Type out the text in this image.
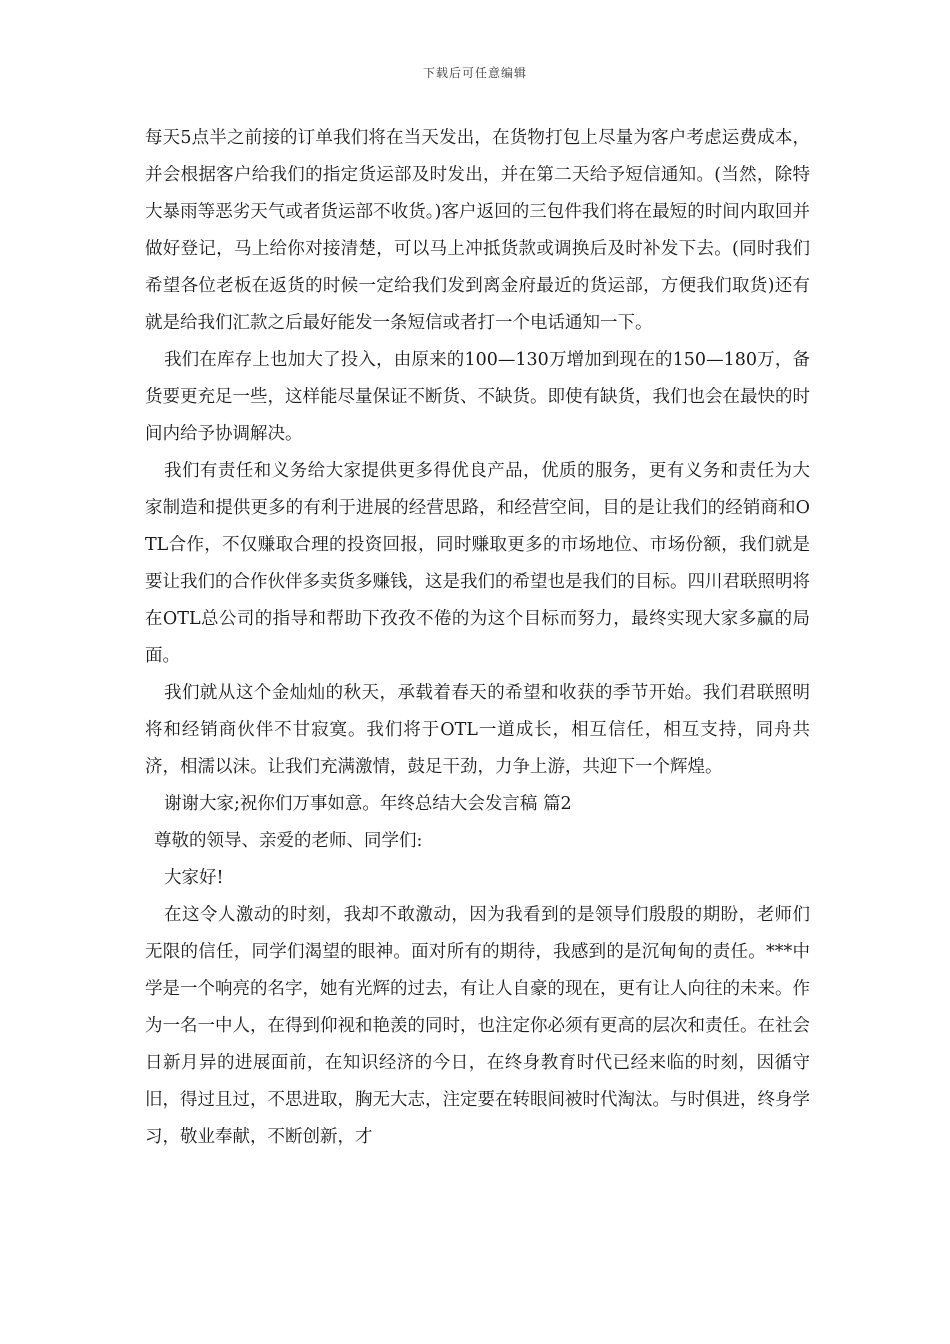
下载后可任意编辑

每天5点半之前接的订单我们将在当天发出，在货物打包上尽量为客户考虑运费成本，并会根据客户给我们的指定货运部及时发出，并在第二天给予短信通知。(当然，除特大暴雨等恶劣天气或者货运部不收货。)客户返回的三包件我们将在最短的时间内取回并做好登记，马上给你对接清楚，可以马上冲抵货款或调换后及时补发下去。(同时我们希望各位老板在返货的时候一定给我们发到离金府最近的货运部，方便我们取货)还有就是给我们汇款之后最好能发一条短信或者打一个电话通知一下。

我们在库存上也加大了投入，由原来的100—130万增加到现在的150—180万，备货要更充足一些，这样能尽量保证不断货、不缺货。即使有缺货，我们也会在最快的时间内给予协调解决。

我们有责任和义务给大家提供更多得优良产品，优质的服务，更有义务和责任为大家制造和提供更多的有利于进展的经营思路，和经营空间，目的是让我们的经销商和OTL合作，不仅赚取合理的投资回报，同时赚取更多的市场地位、市场份额，我们就是要让我们的合作伙伴多卖货多赚钱，这是我们的希望也是我们的目标。四川君联照明将在OTL总公司的指导和帮助下孜孜不倦的为这个目标而努力，最终实现大家多赢的局面。

我们就从这个金灿灿的秋天，承载着春天的希望和收获的季节开始。我们君联照明将和经销商伙伴不甘寂寞。我们将于OTL一道成长，相互信任，相互支持，同舟共济，相濡以沫。让我们充满激情，鼓足干劲，力争上游，共迎下一个辉煌。

谢谢大家;祝你们万事如意。年终总结大会发言稿 篇2

尊敬的领导、亲爱的老师、同学们:

大家好!

在这令人激动的时刻，我却不敢激动，因为我看到的是领导们殷殷的期盼，老师们无限的信任，同学们渴望的眼神。面对所有的期待，我感到的是沉甸甸的责任。***中学是一个响亮的名字，她有光辉的过去，有让人自豪的现在，更有让人向往的未来。作为一名一中人，在得到仰视和艳羡的同时，也注定你必须有更高的层次和责任。在社会日新月异的进展面前，在知识经济的今日，在终身教育时代已经来临的时刻，因循守旧，得过且过，不思进取，胸无大志，注定要在转眼间被时代淘汰。与时俱进，终身学习，敬业奉献，不断创新，才
